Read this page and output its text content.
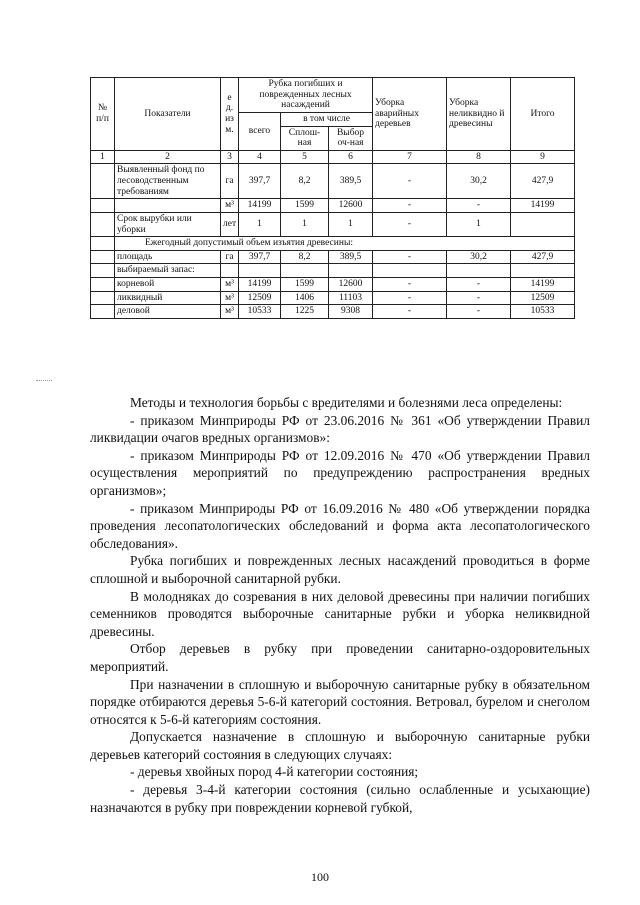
№ п/п	Показатели	е д. из м.	Рубка погибших и поврежденных лесных насаждений			Уборка аварийных деревьев	Уборка неликвидно й древесины	Итого
			всего	в том числе				
				Сплош- ная	Выбор оч-ная			
1	2	3	4	5	6	7	8	9
	Выявленный фонд по лесоводственным требованиям	га	397,7	8,2	389,5	-	30,2	427,9
		м³	14199	1599	12600	-	-	14199
	Срок вырубки или уборки	лет	1	1	1	-	1	
	Ежегодный допустимый объем изъятия древесины:							
	площадь	га	397,7	8,2	389,5	-	30,2	427,9
	выбираемый запас:							
	корневой	м³	14199	1599	12600	-	-	14199
	ликвидный	м³	12509	1406	11103	-	-	12509
	деловой	м³	10533	1225	9308	-	-	10533

Методы и технология борьбы с вредителями и болезнями леса определены:

- приказом Минприроды РФ от 23.06.2016 № 361 «Об утверждении Правил ликвидации очагов вредных организмов»:

- приказом Минприроды РФ от 12.09.2016 № 470 «Об утверждении Правил осуществления мероприятий по предупреждению распространения вредных организмов»;

- приказом Минприроды РФ от 16.09.2016 № 480 «Об утверждении порядка проведения лесопатологических обследований и форма акта лесопатологического обследования».

Рубка погибших и поврежденных лесных насаждений проводиться в форме сплошной и выборочной санитарной рубки.

В молодняках до созревания в них деловой древесины при наличии погибших семенников проводятся выборочные санитарные рубки и уборка неликвидной древесины.

Отбор деревьев в рубку при проведении санитарно-оздоровительных мероприятий.

При назначении в сплошную и выборочную санитарные рубку в обязательном порядке отбираются деревья 5-6-й категорий состояния. Ветровал, бурелом и снеголом относятся к 5-6-й категориям состояния.

Допускается назначение в сплошную и выборочную санитарные рубки деревьев категорий состояния в следующих случаях:

- деревья хвойных пород 4-й категории состояния;

- деревья 3-4-й категории состояния (сильно ослабленные и усыхающие) назначаются в рубку при повреждении корневой губкой,

100
